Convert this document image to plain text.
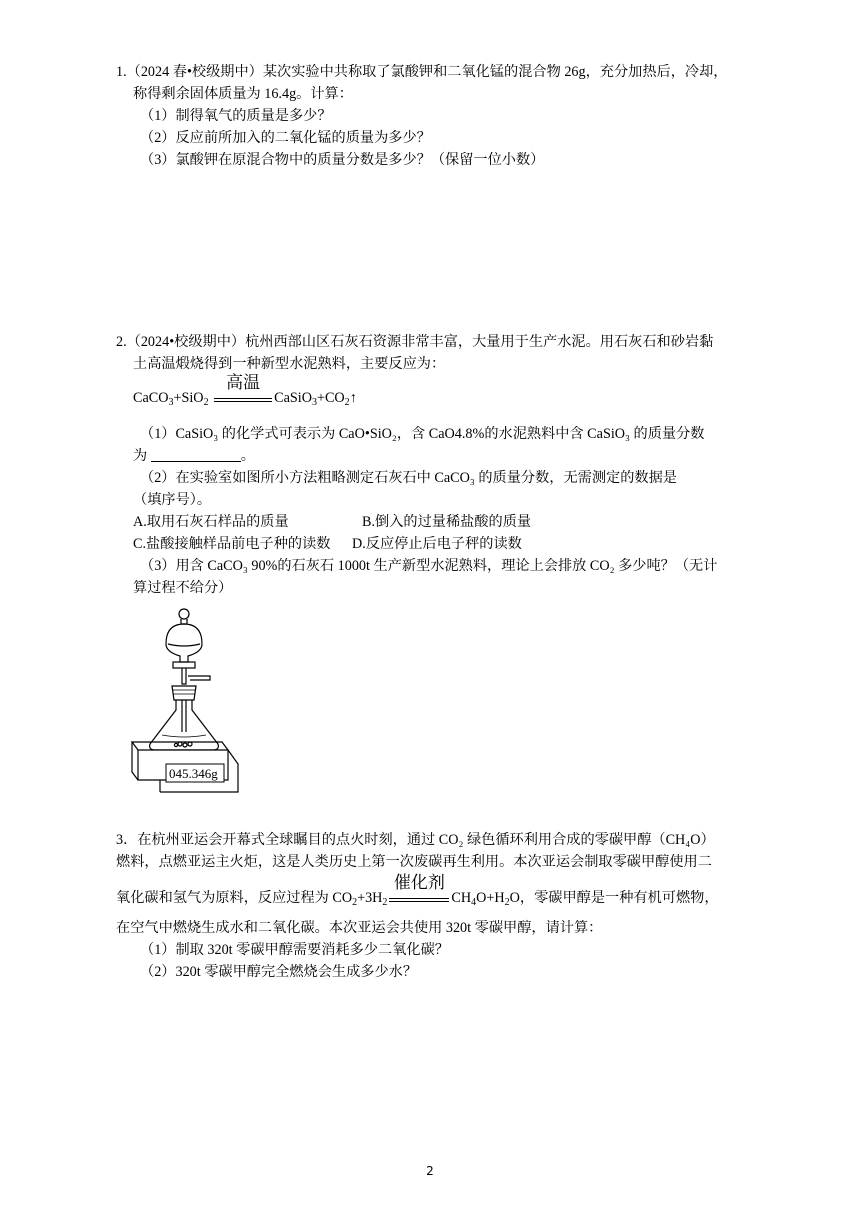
1.（2024 春•校级期中）某次实验中共称取了氯酸钾和二氧化锰的混合物 26g，充分加热后，冷却，
称得剩余固体质量为 16.4g。计算：
（1）制得氧气的质量是多少？
（2）反应前所加入的二氧化锰的质量为多少？
（3）氯酸钾在原混合物中的质量分数是多少？（保留一位小数）
2.（2024•校级期中）杭州西部山区石灰石资源非常丰富，大量用于生产水泥。用石灰石和砂岩黏
土高温煅烧得到一种新型水泥熟料，主要反应为：
CaCO$_3$+SiO$_2$
高温
$CaSiO_3+CO_2↑$
（1）CaSiO₃ 的化学式可表示为 CaO•SiO₂，含 CaO4.8%的水泥熟料中含 CaSiO₃ 的质量分数
为	。
（2）在实验室如图所小方法粗略测定石灰石中 CaCO₃ 的质量分数，无需测定的数据是
（填序号）。
A.取用石灰石样品的质量	B.倒入的过量稀盐酸的质量
C.盐酸接触样品前电子种的读数 D.反应停止后电子秤的读数
（3）用含 CaCO₃ 90%的石灰石 1000t 生产新型水泥熟料，理论上会排放 CO₂ 多少吨？（无计
算过程不给分）
045.346g
3．在杭州亚运会开幕式全球瞩目的点火时刻，通过 CO₂ 绿色循环利用合成的零碳甲醇（CH₄O）
燃料，点燃亚运主火炬，这是人类历史上第一次废碳再生利用。本次亚运会制取零碳甲醇使用二
氧化碳和氢气为原料，反应过程为 $CO_2+3H_2$
催化剂
$CH_4O+H_2O$，零碳甲醇是一种有机可燃物，
在空气中燃烧生成水和二氧化碳。本次亚运会共使用 320t 零碳甲醇，请计算：
（1）制取 320t 零碳甲醇需要消耗多少二氧化碳？
（2）320t 零碳甲醇完全燃烧会生成多少水？
2
